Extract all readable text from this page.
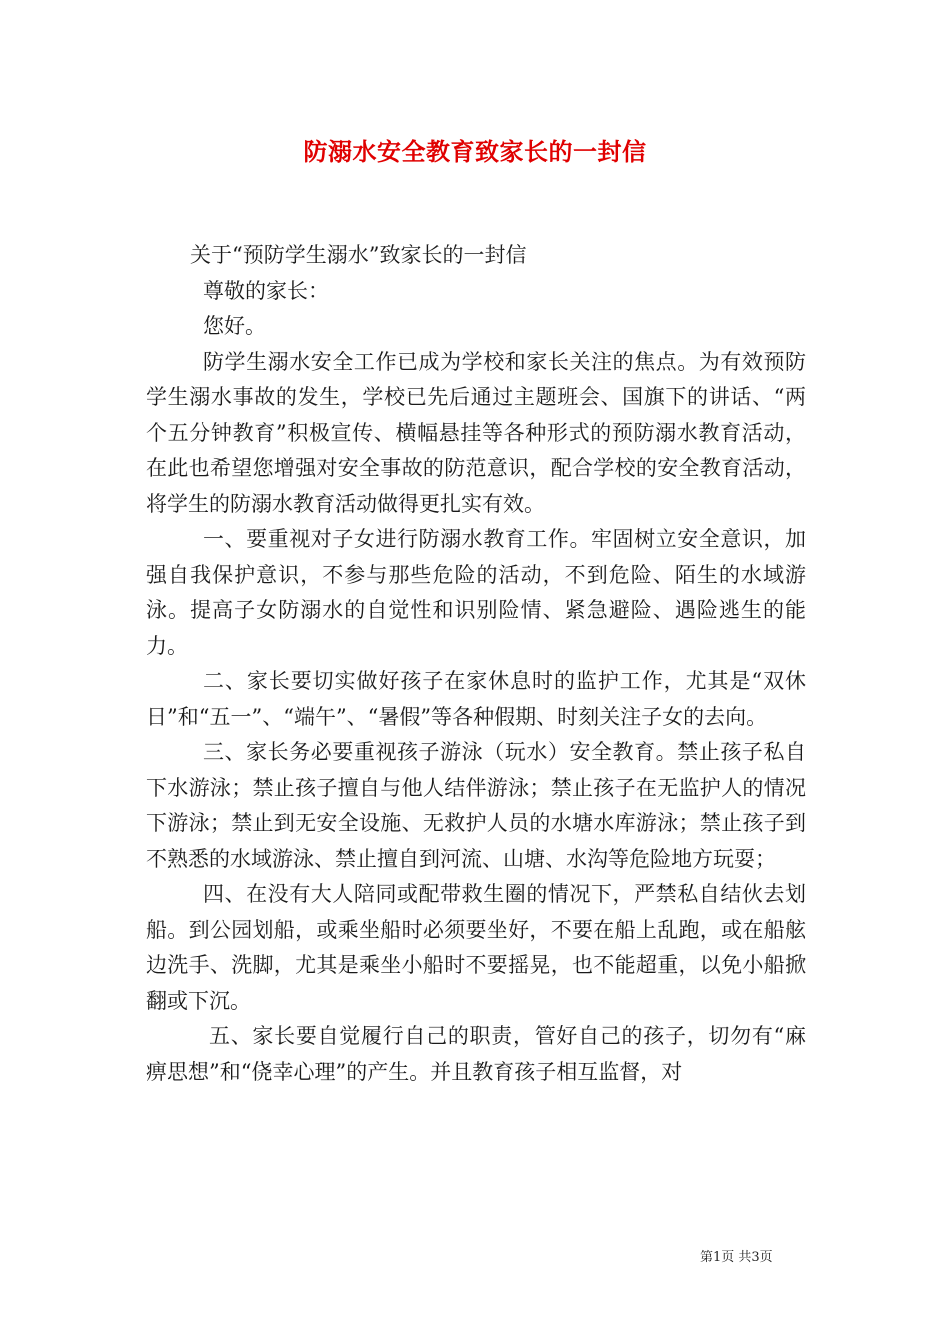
防溺水安全教育致家长的一封信

关于“预防学生溺水”致家长的一封信

尊敬的家长：

您好。

防学生溺水安全工作已成为学校和家长关注的焦点。为有效预防学生溺水事故的发生，学校已先后通过主题班会、国旗下的讲话、“两个五分钟教育”积极宣传、横幅悬挂等各种形式的预防溺水教育活动，在此也希望您增强对安全事故的防范意识，配合学校的安全教育活动，将学生的防溺水教育活动做得更扎实有效。

一、要重视对子女进行防溺水教育工作。牢固树立安全意识，加强自我保护意识，不参与那些危险的活动，不到危险、陌生的水域游泳。提高子女防溺水的自觉性和识别险情、紧急避险、遇险逃生的能力。

二、家长要切实做好孩子在家休息时的监护工作，尤其是“双休日”和“五一”、“端午”、“暑假”等各种假期、时刻关注子女的去向。

三、家长务必要重视孩子游泳（玩水）安全教育。禁止孩子私自下水游泳；禁止孩子擅自与他人结伴游泳；禁止孩子在无监护人的情况下游泳；禁止到无安全设施、无救护人员的水塘水库游泳；禁止孩子到不熟悉的水域游泳、禁止擅自到河流、山塘、水沟等危险地方玩耍；

四、在没有大人陪同或配带救生圈的情况下，严禁私自结伙去划船。到公园划船，或乘坐船时必须要坐好，不要在船上乱跑，或在船舷边洗手、洗脚，尤其是乘坐小船时不要摇晃，也不能超重，以免小船掀翻或下沉。

五、家长要自觉履行自己的职责，管好自己的孩子，切勿有“麻痹思想”和“侥幸心理”的产生。并且教育孩子相互监督，对

第1页 共3页
